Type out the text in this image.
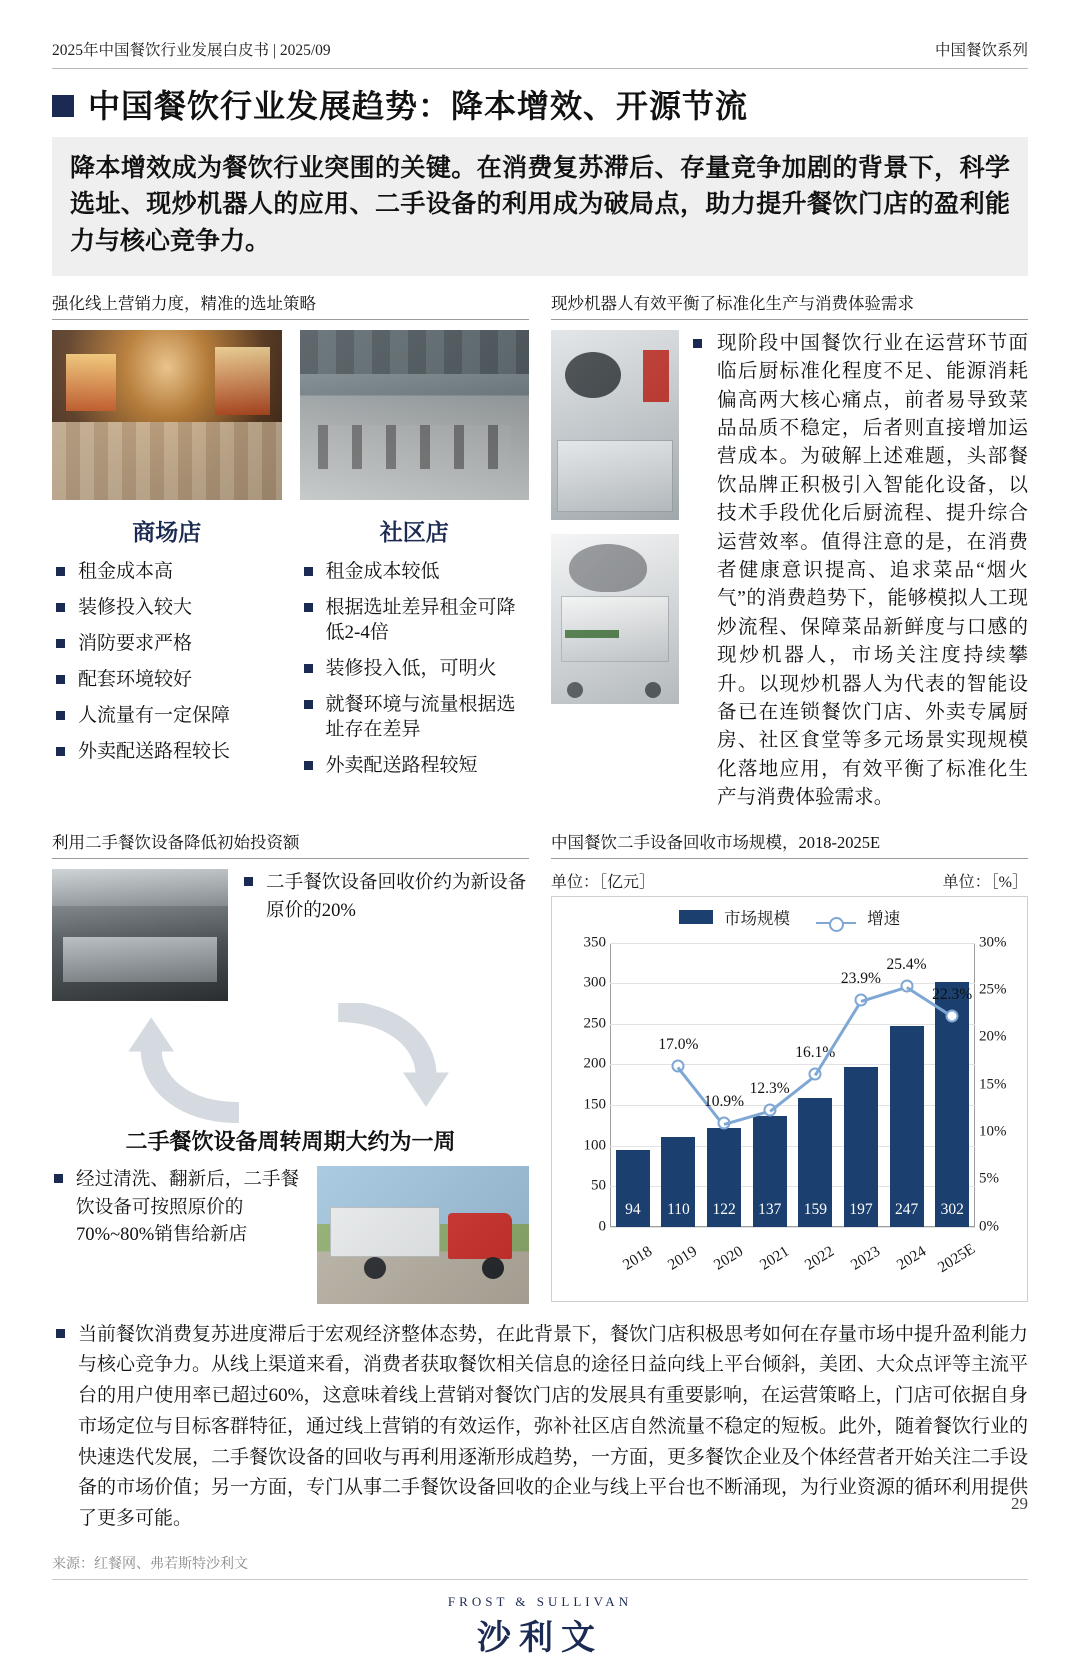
2025年中国餐饮行业发展白皮书 | 2025/09	中国餐饮系列
中国餐饮行业发展趋势：降本增效、开源节流
降本增效成为餐饮行业突围的关键。在消费复苏滞后、存量竞争加剧的背景下，科学选址、现炒机器人的应用、二手设备的利用成为破局点，助力提升餐饮门店的盈利能力与核心竞争力。
强化线上营销力度，精准的选址策略
商场店	社区店
租金成本高
装修投入较大
消防要求严格
配套环境较好
人流量有一定保障
外卖配送路程较长
租金成本较低
根据选址差异租金可降低2-4倍
装修投入低，可明火
就餐环境与流量根据选址存在差异
外卖配送路程较短
现炒机器人有效平衡了标准化生产与消费体验需求
现阶段中国餐饮行业在运营环节面临后厨标准化程度不足、能源消耗偏高两大核心痛点，前者易导致菜品品质不稳定，后者则直接增加运营成本。为破解上述难题，头部餐饮品牌正积极引入智能化设备，以技术手段优化后厨流程、提升综合运营效率。值得注意的是，在消费者健康意识提高、追求菜品“烟火气”的消费趋势下，能够模拟人工现炒流程、保障菜品新鲜度与口感的现炒机器人，市场关注度持续攀升。以现炒机器人为代表的智能设备已在连锁餐饮门店、外卖专属厨房、社区食堂等多元场景实现规模化落地应用，有效平衡了标准化生产与消费体验需求。
利用二手餐饮设备降低初始投资额
二手餐饮设备回收价约为新设备原价的20%
二手餐饮设备周转周期大约为一周
经过清洗、翻新后，二手餐饮设备可按照原价的70%~80%销售给新店
中国餐饮二手设备回收市场规模，2018-2025E
单位：［亿元］	单位：［%］
市场规模	增速
0
50
100
150
200
250
300
350
0%
5%
10%
15%
20%
25%
30%
94
2018
110
2019
122
2020
137
2021
159
2022
197
2023
247
2024
302
2025E
17.0%
10.9%
12.3%
16.1%
23.9%
25.4%
22.3%
当前餐饮消费复苏进度滞后于宏观经济整体态势，在此背景下，餐饮门店积极思考如何在存量市场中提升盈利能力与核心竞争力。从线上渠道来看，消费者获取餐饮相关信息的途径日益向线上平台倾斜，美团、大众点评等主流平台的用户使用率已超过60%，这意味着线上营销对餐饮门店的发展具有重要影响，在运营策略上，门店可依据自身市场定位与目标客群特征，通过线上营销的有效运作，弥补社区店自然流量不稳定的短板。此外，随着餐饮行业的快速迭代发展，二手餐饮设备的回收与再利用逐渐形成趋势，一方面，更多餐饮企业及个体经营者开始关注二手设备的市场价值；另一方面，专门从事二手餐饮设备回收的企业与线上平台也不断涌现，为行业资源的循环利用提供了更多可能。
来源：红餐网、弗若斯特沙利文
FROST & SULLIVAN
沙利文
29
